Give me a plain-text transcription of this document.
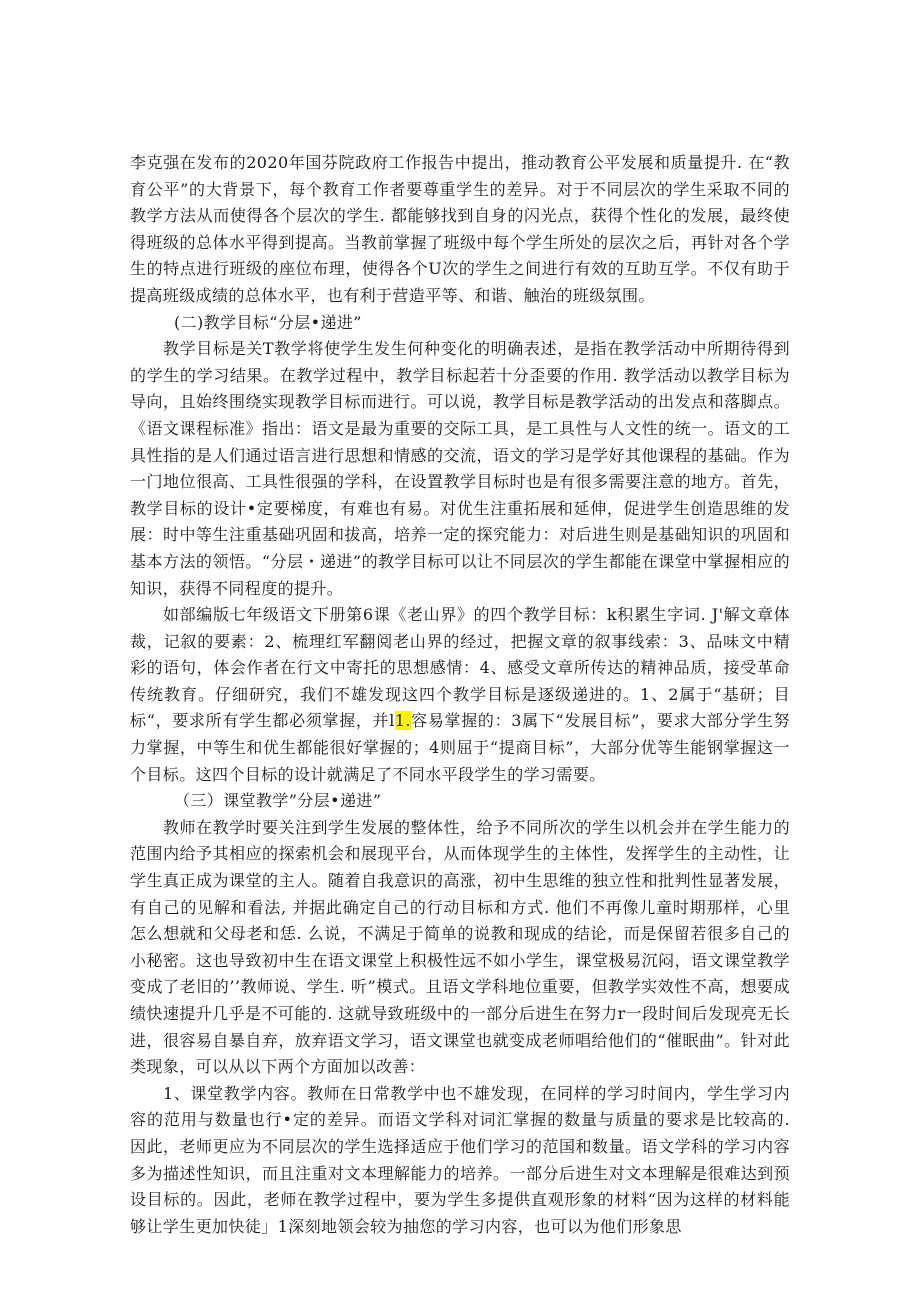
李克强在发布的2020年国芬院政府工作报告中提出，推动教育公平发展和质量提升. 在“教育公平”的大背景下，每个教育工作者要尊重学生的差异。对于不同层次的学生采取不同的教学方法从而使得各个层次的学生. 都能够找到自身的闪光点，获得个性化的发展，最终使得班级的总体水平得到提高。当教前掌握了班级中每个学生所处的层次之后，再针对各个学生的特点进行班级的座位布理，使得各个U次的学生之间进行有效的互助互学。不仅有助于提高班级成绩的总体水平，也有利于营造平等、和谐、触治的班级氛围。

(二)教学目标“分层•递进”

教学目标是关T教学将使学生发生何种变化的明确表述，是指在教学活动中所期待得到的学生的学习结果。在教学过程中，教学目标起若十分歪要的作用. 教学活动以教学目标为导向，且始终围绕实现教学目标而进行。可以说，教学目标是教学活动的出发点和落脚点。《语文课程标准》指出：语文是最为重要的交际工具，是工具性与人文性的统一。语文的工具性指的是人们通过语言进行思想和情感的交流，语文的学习是学好其他课程的基础。作为一门地位很高、工具性很强的学科，在设置教学目标时也是有很多需要注意的地方。首先，教学目标的设计•定要梯度，有难也有易。对优生注重拓展和延伸，促进学生创造思维的发展：时中等生注重基础巩固和拔高，培养一定的探究能力：对后进生则是基础知识的巩固和基本方法的领悟。“分层・递进”的教学目标可以让不同层次的学生都能在课堂中掌握相应的知识，获得不同程度的提升。

如部编版七年级语文下册第6课《老山界》的四个教学目标：k积累生字词. J'解文章体裁，记叙的要素：2、梳理红军翻阅老山界的经过，把握文章的叙事线索：3、品味文中精彩的语句，体会作者在行文中寄托的思想感情：4、感受文章所传达的精神品质，接受革命传统教育。仔细研究，我们不雄发现这四个教学目标是逐级递进的。1、2属于“基研；目标“，要求所有学生都必须掌握，并l1.容易掌握的：3属下“发展目标”，要求大部分学生努力掌握，中等生和优生都能很好掌握的；4则屈于“提商目标”，大部分优等生能钢掌握这一个目标。这四个目标的设计就满足了不同水平段学生的学习需要。

（三）课堂教学”分层•递进”

教师在教学时要关注到学生发展的整体性，给予不同所次的学生以机会并在学生能力的范围内给予其相应的探索机会和展现平台，从而体现学生的主体性，发挥学生的主动性，让学生真正成为课堂的主人。随着自我意识的高涨，初中生思维的独立性和批判性显著发展，有自己的见解和看法, 并据此确定自己的行动目标和方式. 他们不再像儿童时期那样，心里怎么想就和父母老和恁. 么说，不满足于简单的说教和现成的结论，而是保留若很多自己的小秘密。这也导致初中生在语文课堂上积极性远不如小学生，课堂极易沉闷，语文课堂教学变成了老旧的’’教师说、学生. 听”模式。且语文学科地位重要，但教学实效性不高，想要成绩快速提升几乎是不可能的. 这就导致班级中的一部分后进生在努力r一段时间后发现亮无长进，很容易自暴自弃，放弃语文学习，语文课堂也就变成老师唱给他们的“催眠曲”。针对此类现象，可以从以下两个方面加以改善：

1、课堂教学内容。教师在日常教学中也不雄发现，在同样的学习时间内，学生学习内容的范用与数量也行•定的差异。而语文学科对词汇掌握的数量与质量的要求是比较高的. 因此，老师更应为不同层次的学生选择适应于他们学习的范国和数量。语文学科的学习内容多为描述性知识，而且注重对文本理解能力的培养。一部分后进生对文本理解是很难达到预设目标的。因此，老师在教学过程中，要为学生多提供直观形象的材料“因为这样的材料能够让学生更加快徒」1深刻地领会较为抽您的学习内容，也可以为他们形象思
